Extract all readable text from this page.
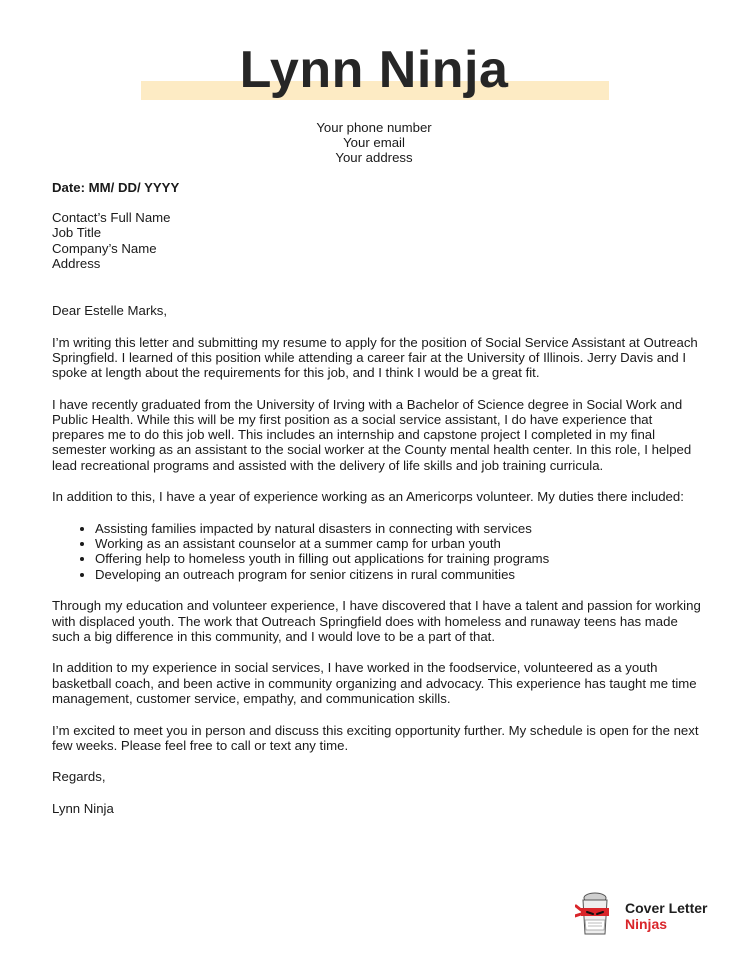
Lynn Ninja
Your phone number
Your email
Your address
Date: MM/ DD/ YYYY
Contact’s Full Name
Job Title
Company’s Name
Address

Dear Estelle Marks,

I’m writing this letter and submitting my resume to apply for the position of Social Service Assistant at Outreach Springfield. I learned of this position while attending a career fair at the University of Illinois. Jerry Davis and I spoke at length about the requirements for this job, and I think I would be a great fit.

I have recently graduated from the University of Irving with a Bachelor of Science degree in Social Work and Public Health. While this will be my first position as a social service assistant, I do have experience that prepares me to do this job well. This includes an internship and capstone project I completed in my final semester working as an assistant to the social worker at the County mental health center. In this role, I helped lead recreational programs and assisted with the delivery of life skills and job training curricula.

In addition to this, I have a year of experience working as an Americorps volunteer. My duties there included:

• Assisting families impacted by natural disasters in connecting with services
• Working as an assistant counselor at a summer camp for urban youth
• Offering help to homeless youth in filling out applications for training programs
• Developing an outreach program for senior citizens in rural communities

Through my education and volunteer experience, I have discovered that I have a talent and passion for working with displaced youth. The work that Outreach Springfield does with homeless and runaway teens has made such a big difference in this community, and I would love to be a part of that.

In addition to my experience in social services, I have worked in the foodservice, volunteered as a youth basketball coach, and been active in community organizing and advocacy. This experience has taught me time management, customer service, empathy, and communication skills.

I’m excited to meet you in person and discuss this exciting opportunity further. My schedule is open for the next few weeks. Please feel free to call or text any time.

Regards,

Lynn Ninja

Cover Letter
Ninjas
